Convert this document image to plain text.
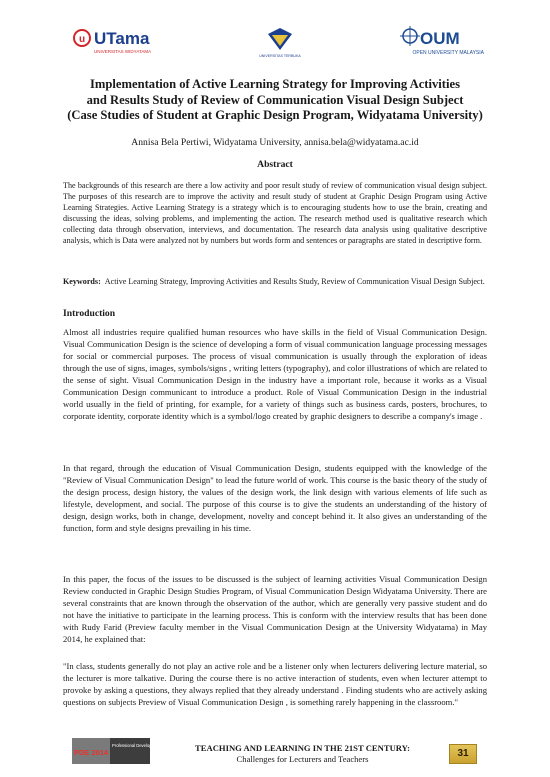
u UTama
UNIVERSITAS WIDYATAMA
UNIVERSITAS TERBUKA
OUM
OPEN UNIVERSITY MALAYSIA
Implementation of Active Learning Strategy for Improving Activities
and Results Study of Review of Communication Visual Design Subject
(Case Studies of Student at Graphic Design Program, Widyatama University)
Annisa Bela Pertiwi, Widyatama University, annisa.bela@widyatama.ac.id
Abstract
The backgrounds of this research are there a low activity and poor result study of review of communication visual design subject. The purposes of this research are to improve the activity and result study of student at Graphic Design Program using Active Learning Strategies. Active Learning Strategy is a strategy which is to encouraging students how to use the brain, creating and discussing the ideas, solving problems, and implementing the action. The research method used is qualitative research which collecting data through observation, interviews, and documentation. The research data analysis using qualitative descriptive analysis, which is Data were analyzed not by numbers but words form and sentences or paragraphs are stated in descriptive form.
Keywords: Active Learning Strategy, Improving Activities and Results Study, Review of Communication Visual Design Subject.
Introduction

Almost all industries require qualified human resources who have skills in the field of Visual Communication Design. Visual Communication Design is the science of developing a form of visual communication language processing messages for social or commercial purposes. The process of visual communication is usually through the exploration of ideas through the use of signs, images, symbols/signs , writing letters (typography), and color illustrations of which are related to the sense of sight. Visual Communication Design in the industry have a important role, because it works as a Visual Communication Design communicant to introduce a product. Role of Visual Communication Design in the industrial world usually in the field of printing, for example, for a variety of things such as business cards, posters, brochures, to corporate identity, corporate identity which is a symbol/logo created by graphic designers to describe a company's image .

In that regard, through the education of Visual Communication Design, students equipped with the knowledge of the "Review of Visual Communication Design" to lead the future world of work. This course is the basic theory of the study of the design process, design history, the values of the design work, the link design with various elements of life such as lifestyle, development, and social. The purpose of this course is to give the students an understanding of the history of design, design works, both in change, development, novelty and concept behind it. It also gives an understanding of the function, form and style designs prevailing in his time.

In this paper, the focus of the issues to be discussed is the subject of learning activities Visual Communication Design Review conducted in Graphic Design Studies Program, of Visual Communication Design Widyatama University. There are several constraints that are known through the observation of the author, which are generally very passive student and do not have the initiative to participate in the learning process. This is conform with the interview results that has been done with Rudy Farid (Preview faculty member in the Visual Communication Design at the University Widyatama) in May 2014, he explained that:

"In class, students generally do not play an active role and be a listener only when lecturers delivering lecture material, so the lecturer is more talkative. During the course there is no active interaction of students, even when lecturer attempt to provoke by asking a questions, they always replied that they already understand . Finding students who are actively asking questions on subjects Preview of Visual Communication Design , is something rarely happening in the classroom."

PDE 2014
Professional Development in Education	TEACHING AND LEARNING IN THE 21ST CENTURY:
Challenges for Lecturers and Teachers	31
